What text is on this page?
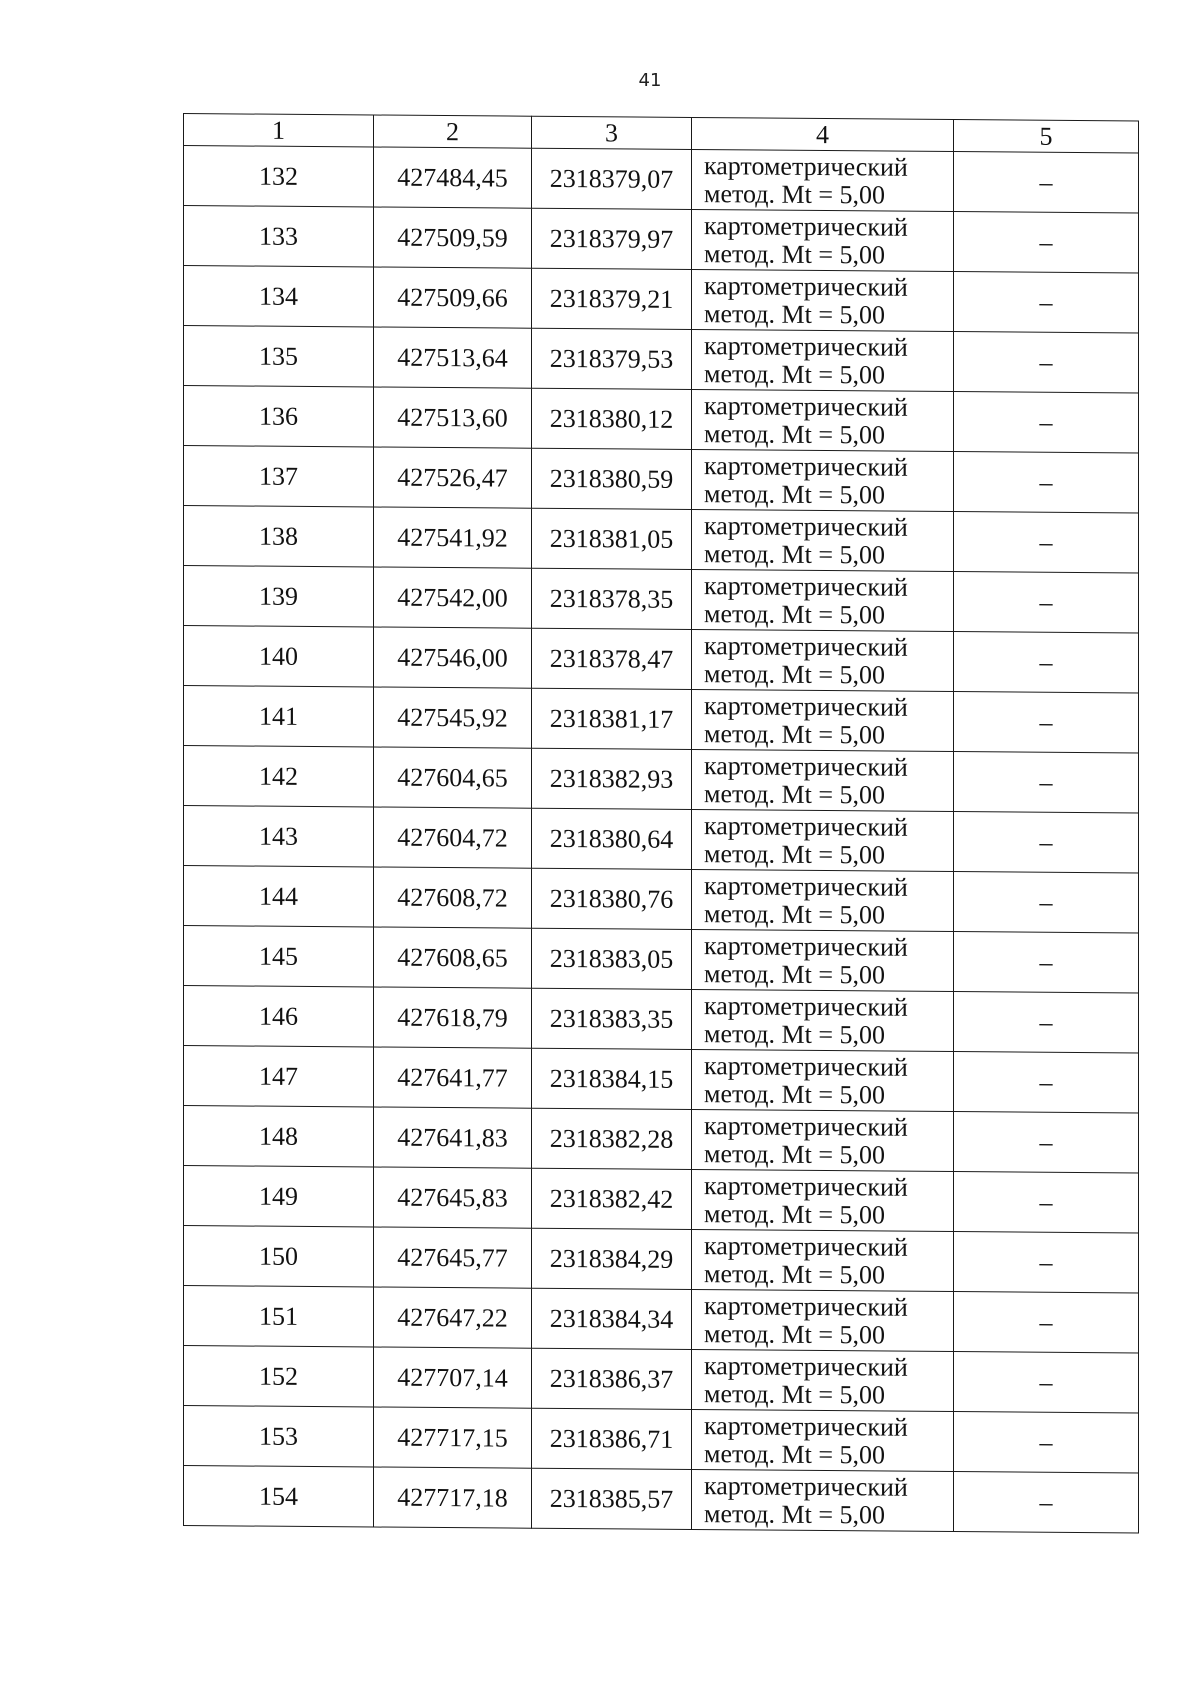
41
1	2	3	4	5
132	427484,45	2318379,07	картометрический
метод. Mt = 5,00	–
133	427509,59	2318379,97	картометрический
метод. Mt = 5,00	–
134	427509,66	2318379,21	картометрический
метод. Mt = 5,00	–
135	427513,64	2318379,53	картометрический
метод. Mt = 5,00	–
136	427513,60	2318380,12	картометрический
метод. Mt = 5,00	–
137	427526,47	2318380,59	картометрический
метод. Mt = 5,00	–
138	427541,92	2318381,05	картометрический
метод. Mt = 5,00	–
139	427542,00	2318378,35	картометрический
метод. Mt = 5,00	–
140	427546,00	2318378,47	картометрический
метод. Mt = 5,00	–
141	427545,92	2318381,17	картометрический
метод. Mt = 5,00	–
142	427604,65	2318382,93	картометрический
метод. Mt = 5,00	–
143	427604,72	2318380,64	картометрический
метод. Mt = 5,00	–
144	427608,72	2318380,76	картометрический
метод. Mt = 5,00	–
145	427608,65	2318383,05	картометрический
метод. Mt = 5,00	–
146	427618,79	2318383,35	картометрический
метод. Mt = 5,00	–
147	427641,77	2318384,15	картометрический
метод. Mt = 5,00	–
148	427641,83	2318382,28	картометрический
метод. Mt = 5,00	–
149	427645,83	2318382,42	картометрический
метод. Mt = 5,00	–
150	427645,77	2318384,29	картометрический
метод. Mt = 5,00	–
151	427647,22	2318384,34	картометрический
метод. Mt = 5,00	–
152	427707,14	2318386,37	картометрический
метод. Mt = 5,00	–
153	427717,15	2318386,71	картометрический
метод. Mt = 5,00	–
154	427717,18	2318385,57	картометрический
метод. Mt = 5,00	–
